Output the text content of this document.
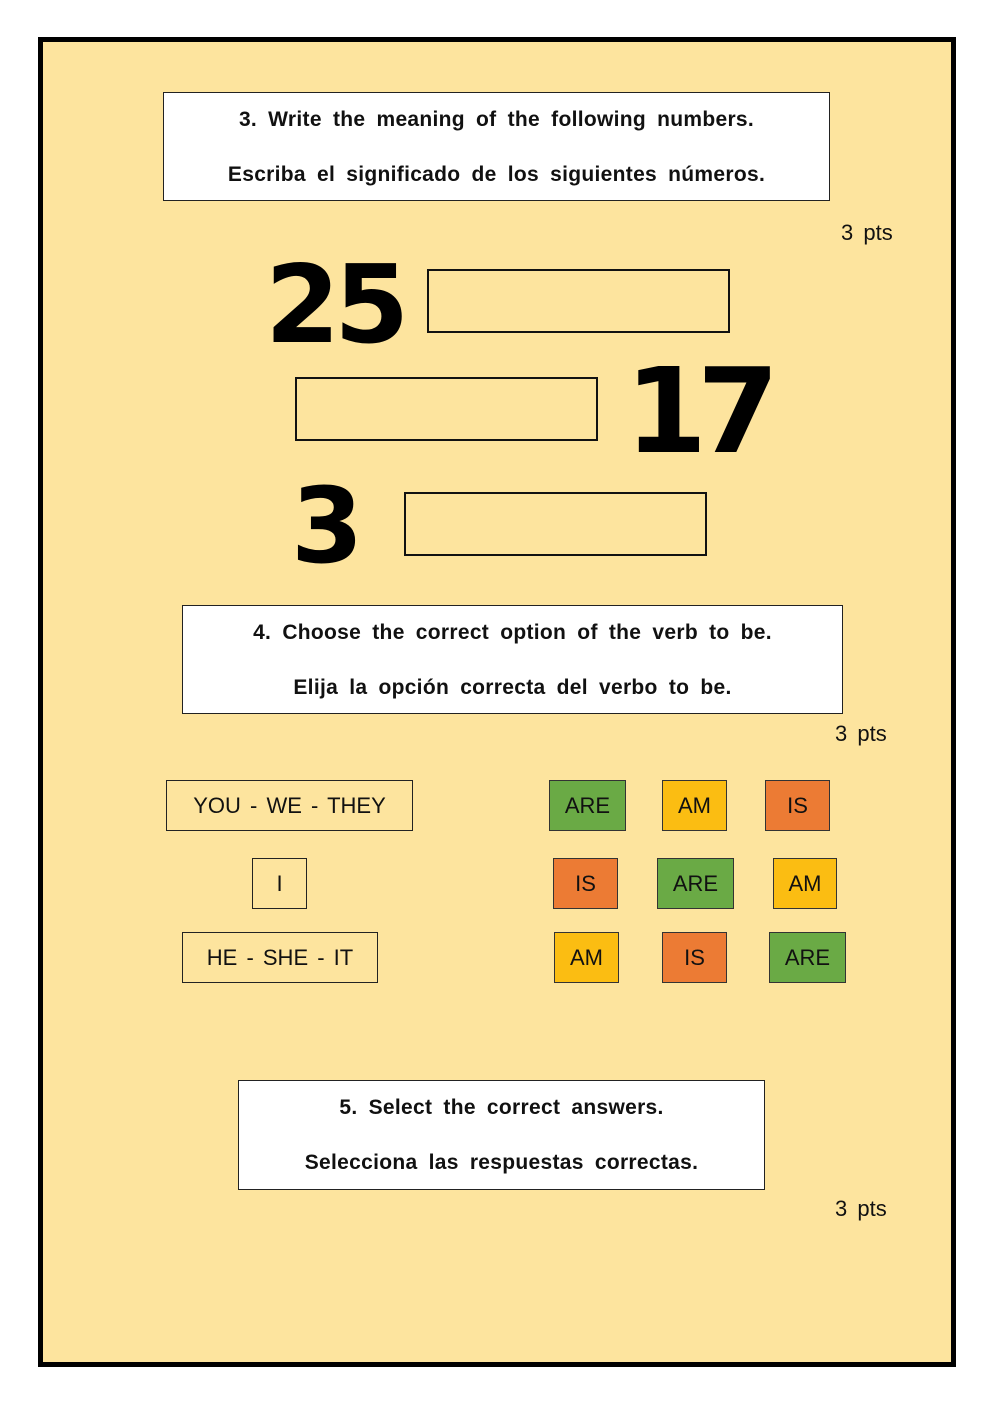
3. Write the meaning of the following numbers.
Escriba el significado de los siguientes números.
3 pts
25
17
3
4. Choose the correct option of the verb to be.
Elija la opción correcta del verbo to be.
3 pts
YOU - WE - THEY	ARE	AM	IS
I	IS	ARE	AM
HE - SHE - IT	AM	IS	ARE
5. Select the correct answers.
Selecciona las respuestas correctas.
3 pts
